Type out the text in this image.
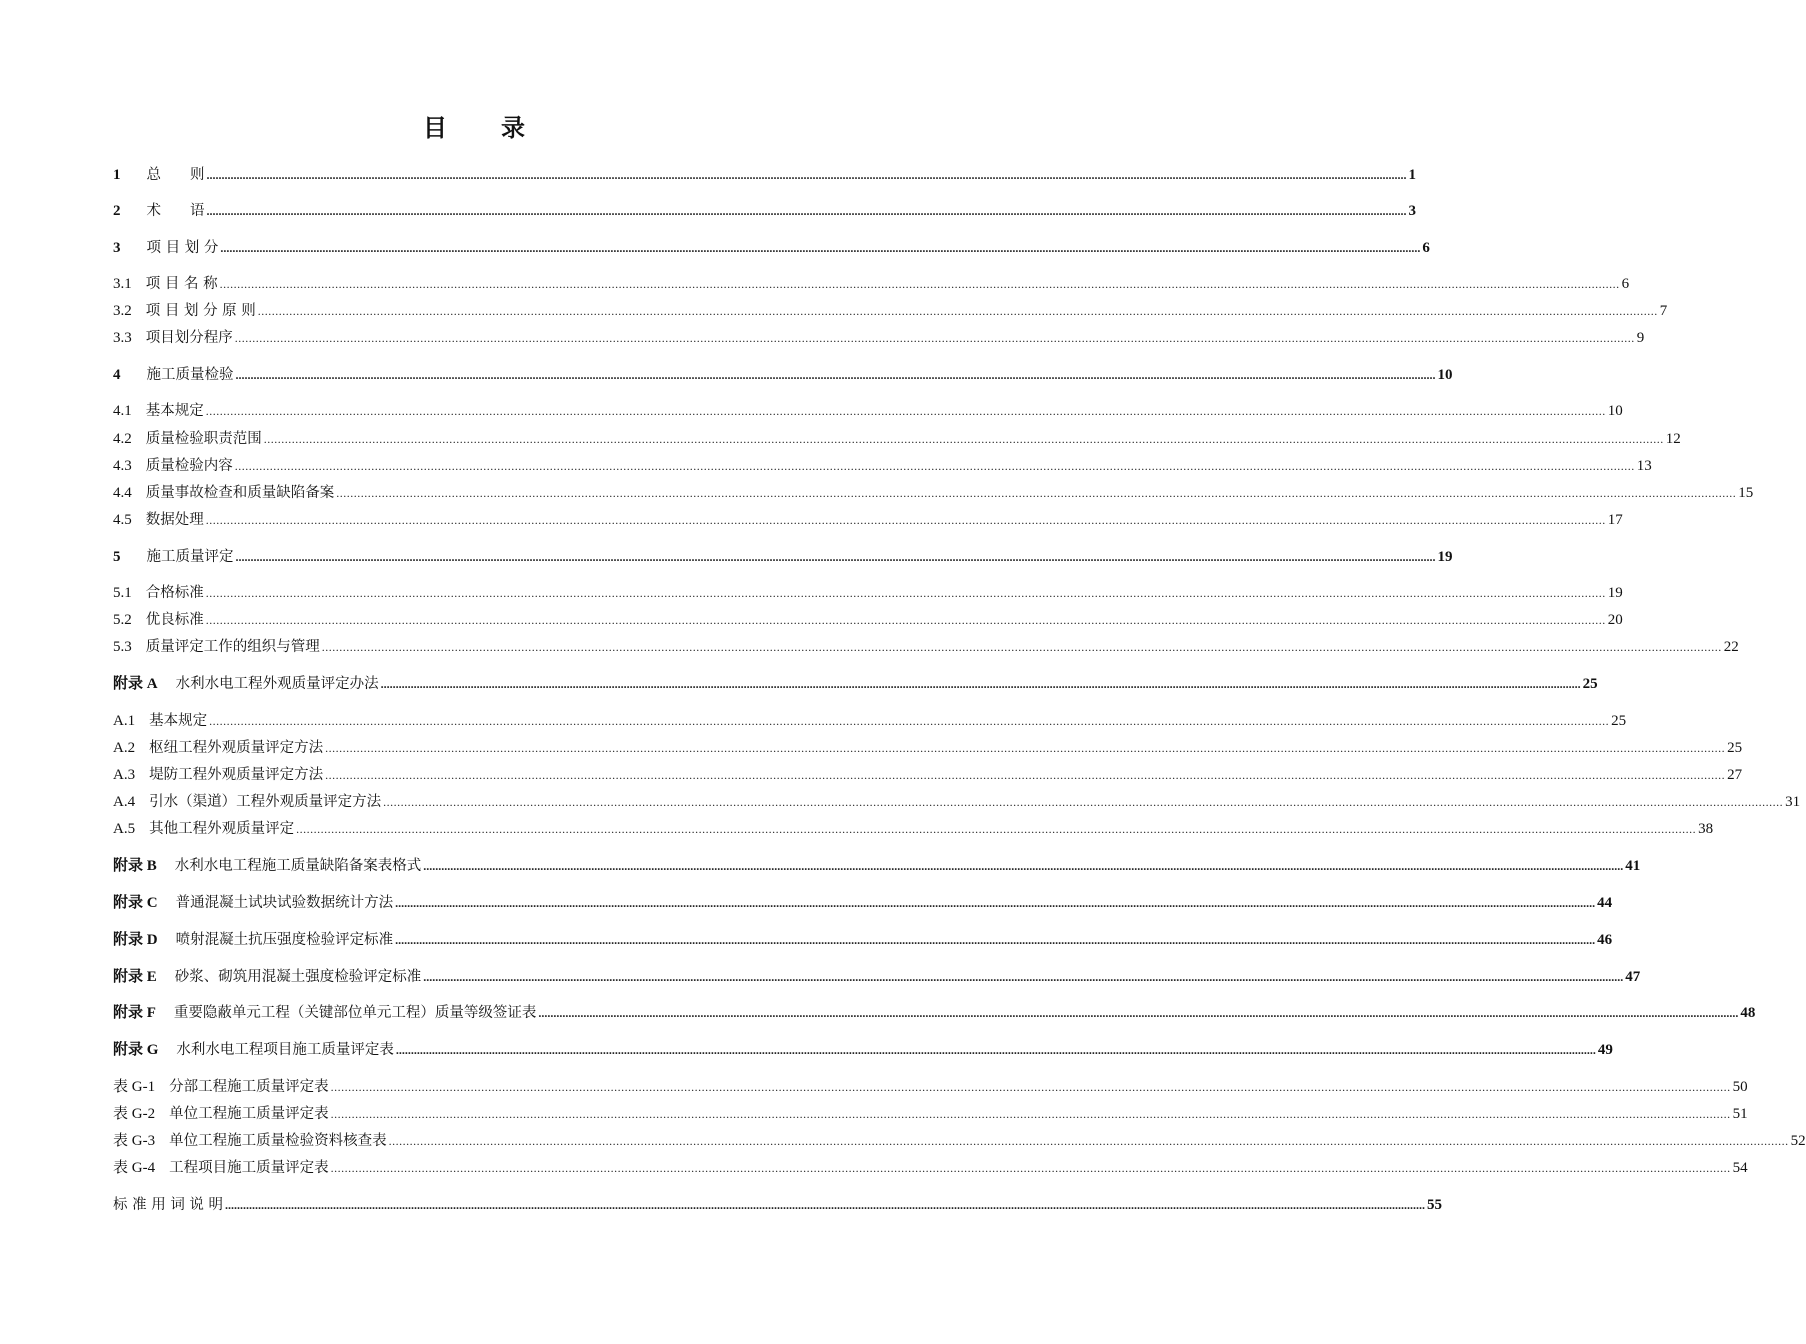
目　　录
1 总　　则 ................................................................................................................................................................................................................................................................................................................................................................................................................ 1
2 术　　语 ................................................................................................................................................................................................................................................................................................................................................................................................................ 3
3 项 目 划 分 ................................................................................................................................................................................................................................................................................................................................................................................................................ 6
3.1 项 目 名 称 ................................................................................................................................................................................................................................................................................................................................................................................................................ 6
3.2 项 目 划 分 原 则 ................................................................................................................................................................................................................................................................................................................................................................................................................ 7
3.3 项目划分程序 ................................................................................................................................................................................................................................................................................................................................................................................................................ 9
4 施工质量检验 ................................................................................................................................................................................................................................................................................................................................................................................................................ 10
4.1 基本规定 ................................................................................................................................................................................................................................................................................................................................................................................................................ 10
4.2 质量检验职责范围 ................................................................................................................................................................................................................................................................................................................................................................................................................ 12
4.3 质量检验内容 ................................................................................................................................................................................................................................................................................................................................................................................................................ 13
4.4 质量事故检查和质量缺陷备案 ................................................................................................................................................................................................................................................................................................................................................................................................................ 15
4.5 数据处理 ................................................................................................................................................................................................................................................................................................................................................................................................................ 17
5 施工质量评定 ................................................................................................................................................................................................................................................................................................................................................................................................................ 19
5.1 合格标准 ................................................................................................................................................................................................................................................................................................................................................................................................................ 19
5.2 优良标准 ................................................................................................................................................................................................................................................................................................................................................................................................................ 20
5.3 质量评定工作的组织与管理 ................................................................................................................................................................................................................................................................................................................................................................................................................ 22
附录 A 水利水电工程外观质量评定办法 ................................................................................................................................................................................................................................................................................................................................................................................................................ 25
A.1 基本规定 ................................................................................................................................................................................................................................................................................................................................................................................................................ 25
A.2 枢纽工程外观质量评定方法 ................................................................................................................................................................................................................................................................................................................................................................................................................ 25
A.3 堤防工程外观质量评定方法 ................................................................................................................................................................................................................................................................................................................................................................................................................ 27
A.4 引水（渠道）工程外观质量评定方法 ................................................................................................................................................................................................................................................................................................................................................................................................................ 31
A.5 其他工程外观质量评定 ................................................................................................................................................................................................................................................................................................................................................................................................................ 38
附录 B 水利水电工程施工质量缺陷备案表格式 ................................................................................................................................................................................................................................................................................................................................................................................................................ 41
附录 C 普通混凝土试块试验数据统计方法 ................................................................................................................................................................................................................................................................................................................................................................................................................ 44
附录 D 喷射混凝土抗压强度检验评定标准 ................................................................................................................................................................................................................................................................................................................................................................................................................ 46
附录 E 砂浆、砌筑用混凝土强度检验评定标准 ................................................................................................................................................................................................................................................................................................................................................................................................................ 47
附录 F 重要隐蔽单元工程（关键部位单元工程）质量等级签证表 ................................................................................................................................................................................................................................................................................................................................................................................................................ 48
附录 G 水利水电工程项目施工质量评定表 ................................................................................................................................................................................................................................................................................................................................................................................................................ 49
表 G-1 分部工程施工质量评定表 ................................................................................................................................................................................................................................................................................................................................................................................................................ 50
表 G-2 单位工程施工质量评定表 ................................................................................................................................................................................................................................................................................................................................................................................................................ 51
表 G-3 单位工程施工质量检验资料核查表 ................................................................................................................................................................................................................................................................................................................................................................................................................ 52
表 G-4 工程项目施工质量评定表 ................................................................................................................................................................................................................................................................................................................................................................................................................ 54
标 准 用 词 说 明 ................................................................................................................................................................................................................................................................................................................................................................................................................ 55
